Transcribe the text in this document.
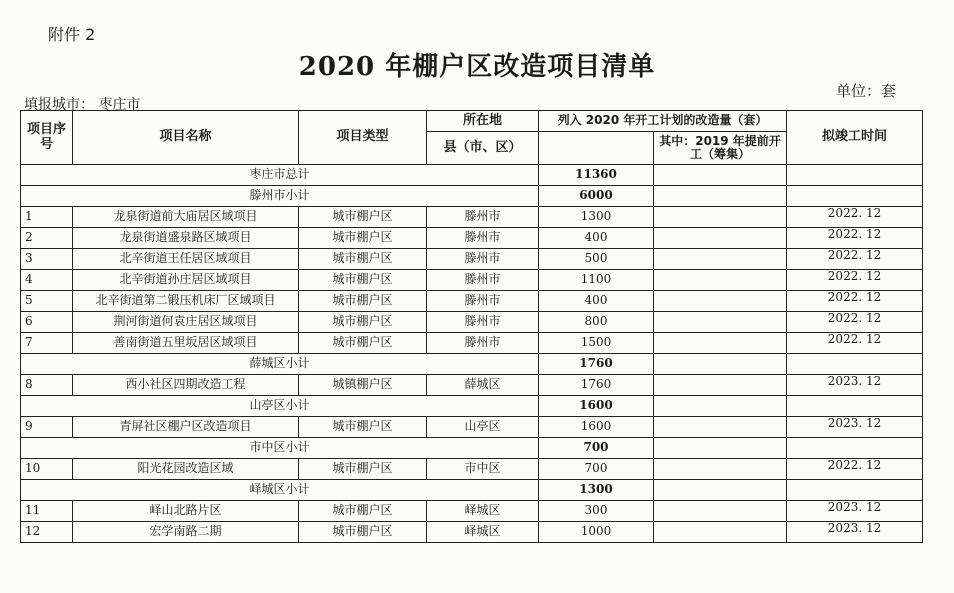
附件 2
2020 年棚户区改造项目清单
单位：套
填报城市： 枣庄市
项目序号	项目名称	项目类型	所在地	列入 2020 年开工计划的改造量（套）		拟竣工时间
			县（市、区）		其中：2019 年提前开工（筹集）	
枣庄市总计				11360		
滕州市小计				6000		
1	龙泉街道前大庙居区域项目	城市棚户区	滕州市	1300		2022. 12
2	龙泉街道盛泉路区域项目	城市棚户区	滕州市	400		2022. 12
3	北辛街道王任居区域项目	城市棚户区	滕州市	500		2022. 12
4	北辛街道孙庄居区域项目	城市棚户区	滕州市	1100		2022. 12
5	北辛街道第二锻压机床厂区域项目	城市棚户区	滕州市	400		2022. 12
6	荆河街道何袁庄居区域项目	城市棚户区	滕州市	800		2022. 12
7	善南街道五里坂居区域项目	城市棚户区	滕州市	1500		2022. 12
薛城区小计				1760		
8	西小社区四期改造工程	城镇棚户区	薛城区	1760		2023. 12
山亭区小计				1600		
9	青屏社区棚户区改造项目	城市棚户区	山亭区	1600		2023. 12
市中区小计				700		
10	阳光花园改造区域	城市棚户区	市中区	700		2022. 12
峄城区小计				1300		
11	峄山北路片区	城市棚户区	峄城区	300		2023. 12
12	宏学南路二期	城市棚户区	峄城区	1000		2023. 12
